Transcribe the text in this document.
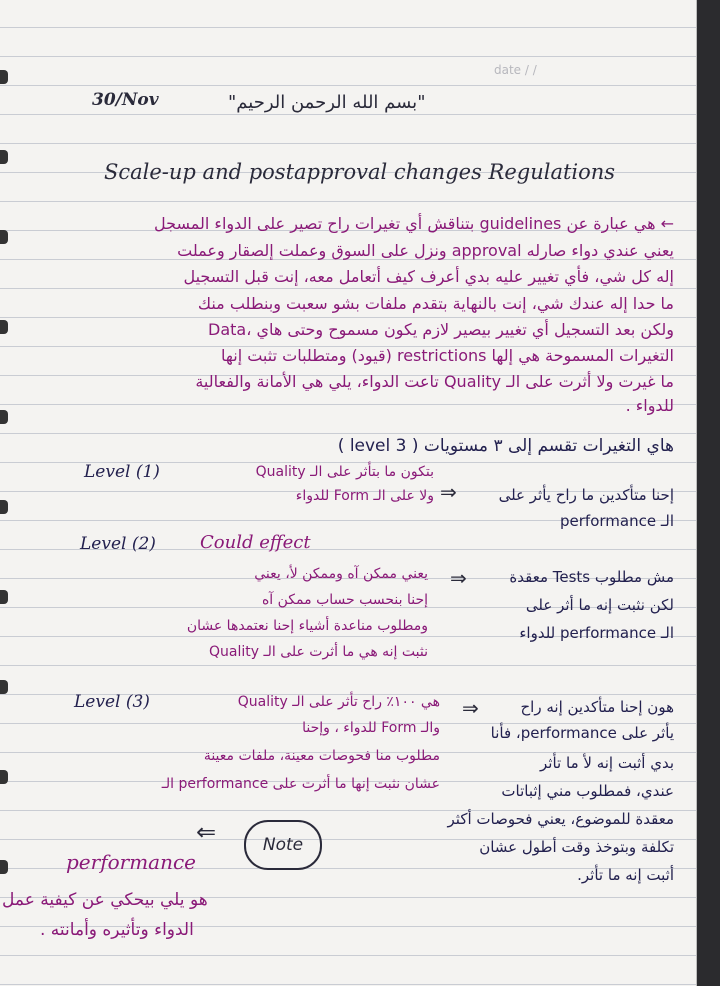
date / /
30/Nov	"بسم الله الرحمن الرحيم"
Scale-up and postapproval changes Regulations
← هي عبارة عن guidelines بتناقش أي تغيرات راح تصير على الدواء المسجل
يعني عندي دواء صارله approval ونزل على السوق وعملت إلصقار وعملت
إله كل شي، فأي تغيير عليه بدي أعرف كيف أتعامل معه، إنت قبل التسجيل
ما حدا إله عندك شي، إنت بالنهاية بتقدم ملفات بشو سعبت وبنطلب منك
Data، ولكن بعد التسجيل أي تغيير بيصير لازم يكون مسموح وحتى هاي
التغيرات المسموحة هي إلها restrictions (قيود) ومتطلبات تثبت إنها
ما غيرت ولا أثرت على الـ Quality تاعت الدواء، يلي هي الأمانة والفعالية
للدواء .
هاي التغيرات تقسم إلى ٣ مستويات ( 3 level )
Level (1)	بتكون ما بتأثر على الـ Quality
ولا على الـ Form للدواء ⇒	إحنا متأكدين ما راح يأثر على
الـ performance
Level (2) Could effect
يعني ممكن آه وممكن لأ، يعني
إحنا بنحسب حساب ممكن آه
ومطلوب مناعدة أشياء إحنا نعتمدها عشان
نثبت إنه هي ما أثرت على الـ Quality
⇒	مش مطلوب Tests معقدة
لكن نثبت إنه ما أثر على
الـ performance للدواء
Level (3)	هي ١٠٠٪ راح تأثر على الـ Quality
والـ Form للدواء ، وإحنا
مطلوب منا فحوصات معينة، ملفات معينة
عشان نثبت إنها ما أثرت على performance الـ
⇒	هون إحنا متأكدين إنه راح
يأثر على performance، فأنا
بدي أثبت إنه لأ ما تأثر
عندي، فمطلوب مني إثباتات
معقدة للموضوع، يعني فحوصات أكثر
تكلفة وبتوخذ وقت أطول عشان
أثبت إنه ما تأثر.
⇐	Note
performance
هو يلي بيحكي عن كيفية عمل
الدواء وتأثيره وأمانته .
